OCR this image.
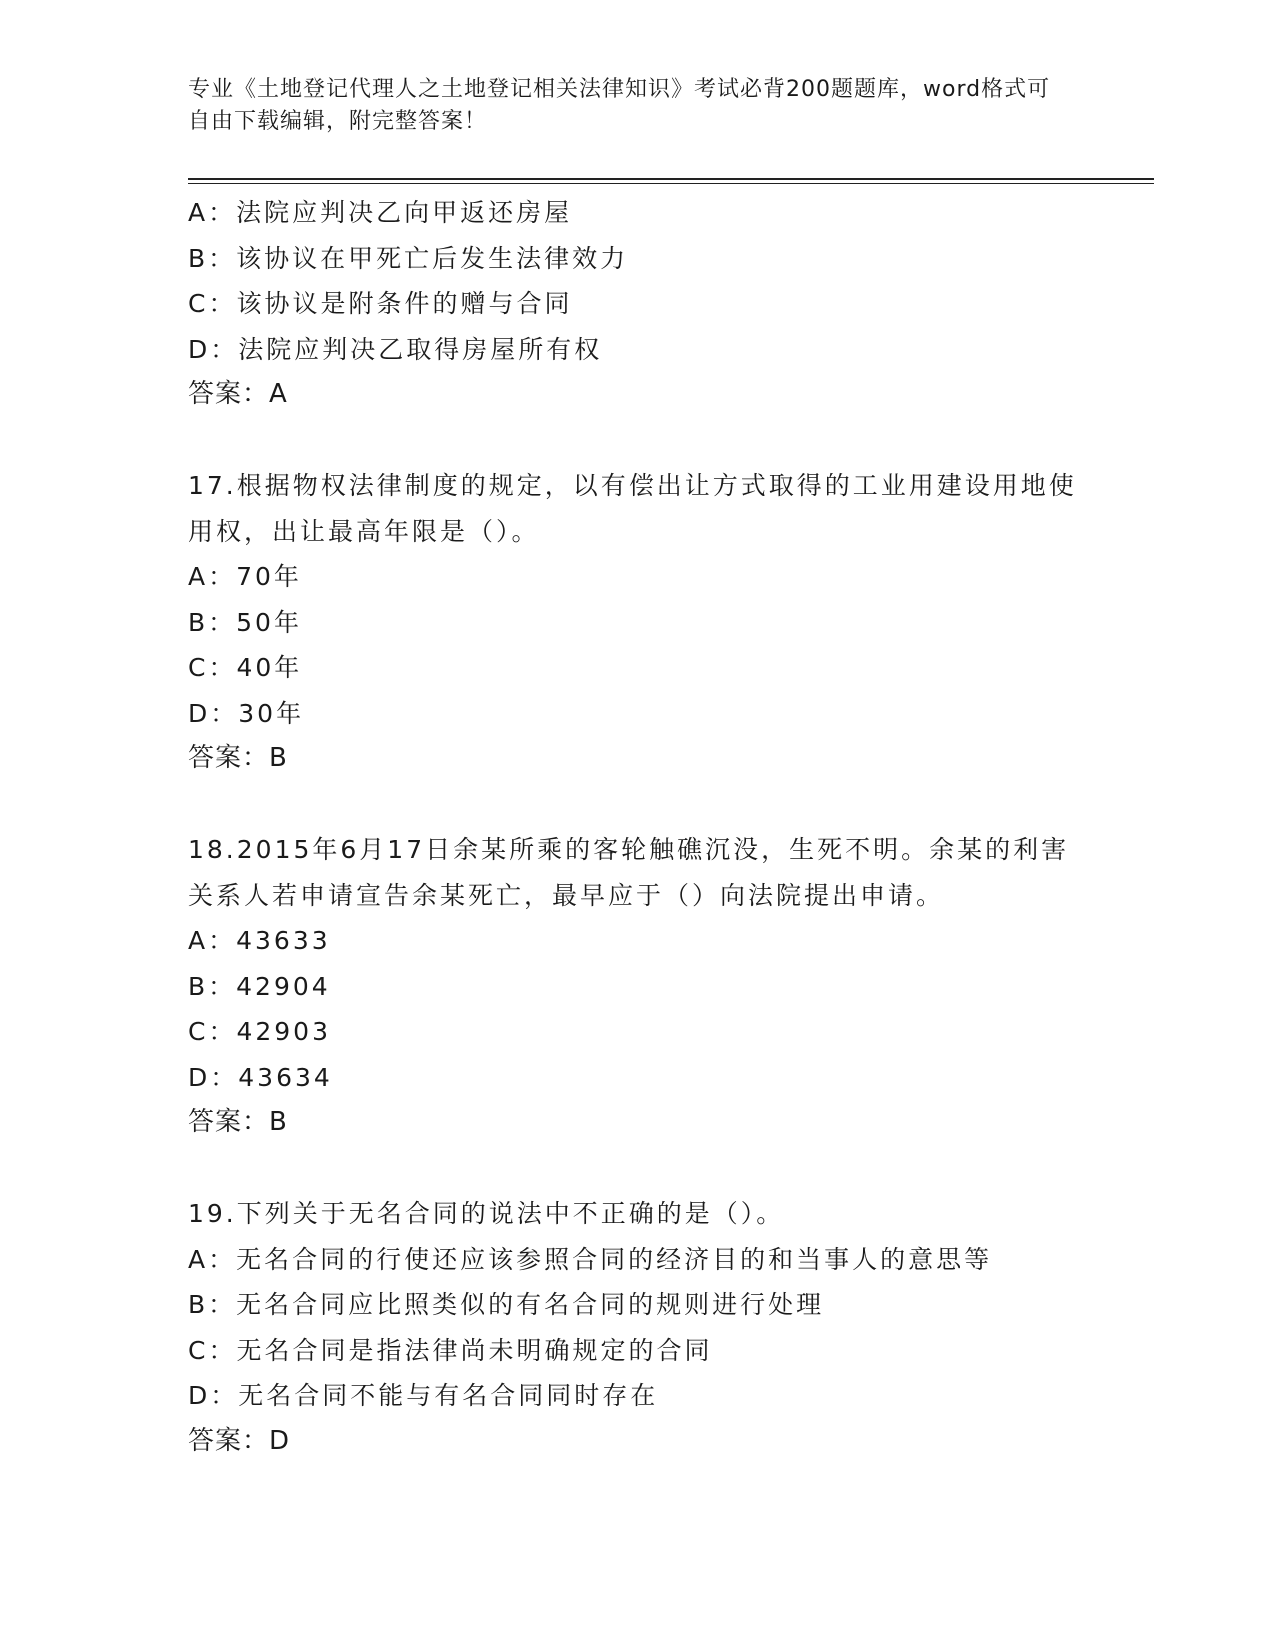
专业《土地登记代理人之土地登记相关法律知识》考试必背200题题库，word格式可自由下载编辑，附完整答案！
A：法院应判决乙向甲返还房屋
B：该协议在甲死亡后发生法律效力
C：该协议是附条件的赠与合同
D：法院应判决乙取得房屋所有权
答案：A
17.根据物权法律制度的规定，以有偿出让方式取得的工业用建设用地使用权，出让最高年限是（）。
A：70年
B：50年
C：40年
D：30年
答案：B
18.2015年6月17日余某所乘的客轮触礁沉没，生死不明。余某的利害关系人若申请宣告余某死亡，最早应于（）向法院提出申请。
A：43633
B：42904
C：42903
D：43634
答案：B
19.下列关于无名合同的说法中不正确的是（）。
A：无名合同的行使还应该参照合同的经济目的和当事人的意思等
B：无名合同应比照类似的有名合同的规则进行处理
C：无名合同是指法律尚未明确规定的合同
D：无名合同不能与有名合同同时存在
答案：D
